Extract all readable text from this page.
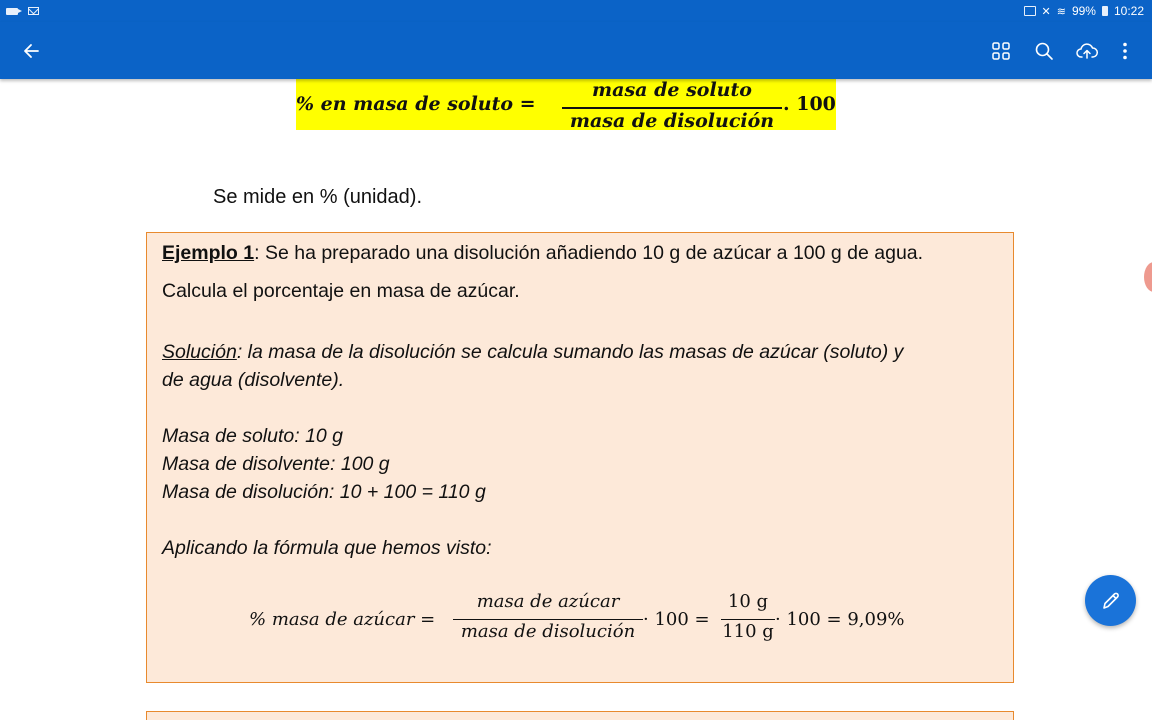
✕ ≋ 99% 10:22
% en masa de soluto =
masa de soluto
masa de disolución
. 100
Se mide en % (unidad).
Ejemplo 1: Se ha preparado una disolución añadiendo 10 g de azúcar a 100 g de agua.
Calcula el porcentaje en masa de azúcar.
Solución: la masa de la disolución se calcula sumando las masas de azúcar (soluto) y
de agua (disolvente).
Masa de soluto: 10 g
Masa de disolvente: 100 g
Masa de disolución: 10 + 100 = 110 g
Aplicando la fórmula que hemos visto:
% masa de azúcar =
masa de azúcar
masa de disolución
· 100 =
10 g
110 g
· 100 = 9,09%
